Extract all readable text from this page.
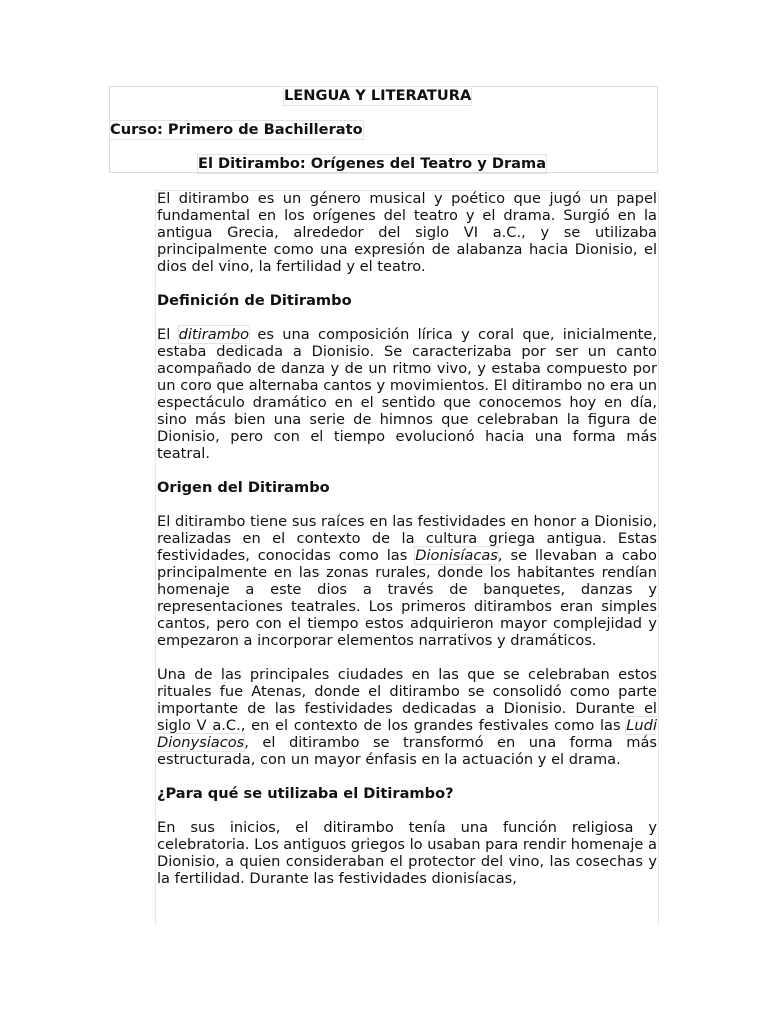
LENGUA Y LITERATURA
Curso: Primero de Bachillerato
El Ditirambo: Orígenes del Teatro y Drama

El ditirambo es un género musical y poético que jugó un papel fundamental en los orígenes del teatro y el drama. Surgió en la antigua Grecia, alrededor del siglo VI a.C., y se utilizaba principalmente como una expresión de alabanza hacia Dionisio, el dios del vino, la fertilidad y el teatro.

Definición de Ditirambo

El ditirambo es una composición lírica y coral que, inicialmente, estaba dedicada a Dionisio. Se caracterizaba por ser un canto acompañado de danza y de un ritmo vivo, y estaba compuesto por un coro que alternaba cantos y movimientos. El ditirambo no era un espectáculo dramático en el sentido que conocemos hoy en día, sino más bien una serie de himnos que celebraban la figura de Dionisio, pero con el tiempo evolucionó hacia una forma más teatral.

Origen del Ditirambo

El ditirambo tiene sus raíces en las festividades en honor a Dionisio, realizadas en el contexto de la cultura griega antigua. Estas festividades, conocidas como las Dionisíacas, se llevaban a cabo principalmente en las zonas rurales, donde los habitantes rendían homenaje a este dios a través de banquetes, danzas y representaciones teatrales. Los primeros ditirambos eran simples cantos, pero con el tiempo estos adquirieron mayor complejidad y empezaron a incorporar elementos narrativos y dramáticos.

Una de las principales ciudades en las que se celebraban estos rituales fue Atenas, donde el ditirambo se consolidó como parte importante de las festividades dedicadas a Dionisio. Durante el siglo V a.C., en el contexto de los grandes festivales como las Ludi Dionysiacos, el ditirambo se transformó en una forma más estructurada, con un mayor énfasis en la actuación y el drama.

¿Para qué se utilizaba el Ditirambo?

En sus inicios, el ditirambo tenía una función religiosa y celebratoria. Los antiguos griegos lo usaban para rendir homenaje a Dionisio, a quien consideraban el protector del vino, las cosechas y la fertilidad. Durante las festividades dionisíacas,
